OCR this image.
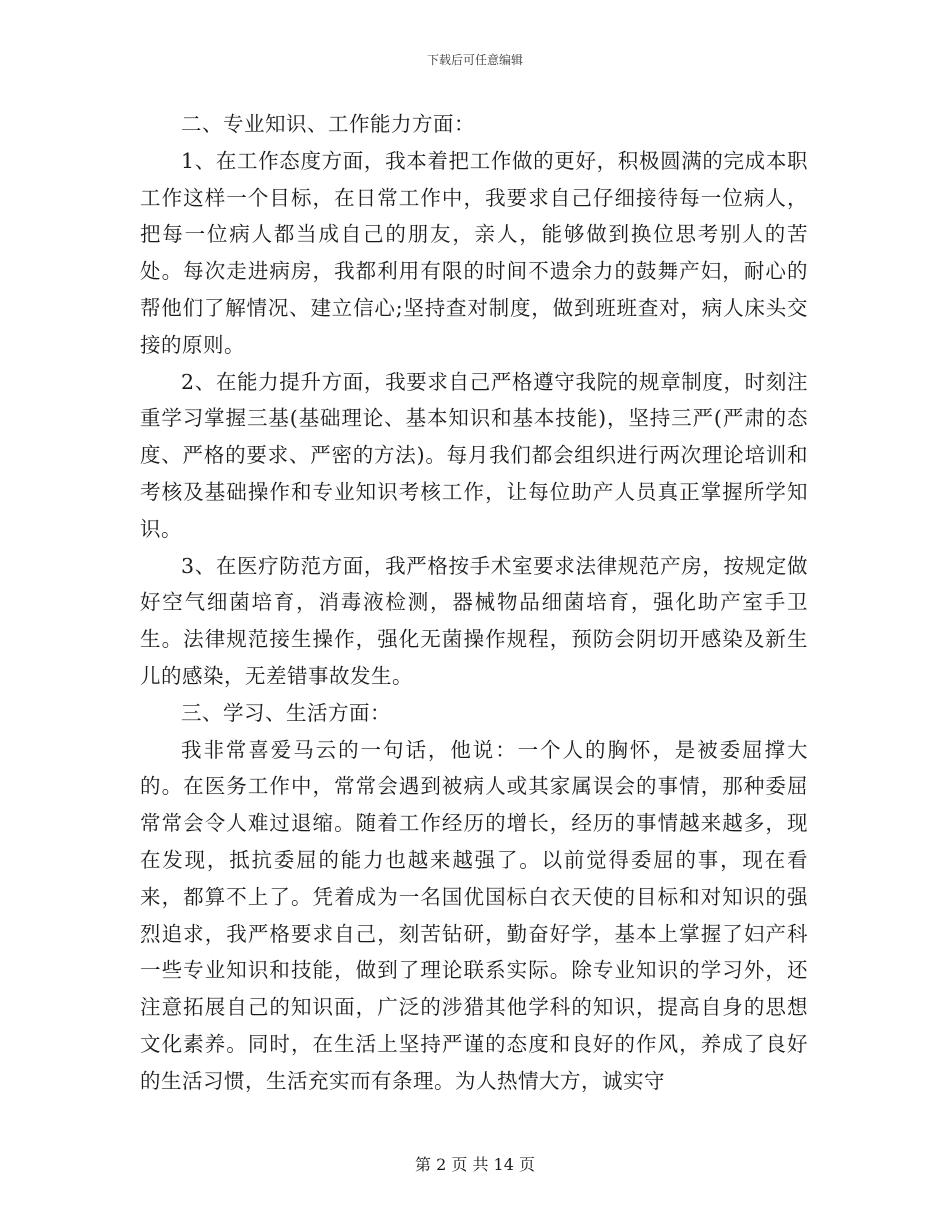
下载后可任意编辑

二、专业知识、工作能力方面：

1、在工作态度方面，我本着把工作做的更好，积极圆满的完成本职工作这样一个目标，在日常工作中，我要求自己仔细接待每一位病人，把每一位病人都当成自己的朋友，亲人，能够做到换位思考别人的苦处。每次走进病房，我都利用有限的时间不遗余力的鼓舞产妇，耐心的帮他们了解情况、建立信心;坚持查对制度，做到班班查对，病人床头交接的原则。

2、在能力提升方面，我要求自己严格遵守我院的规章制度，时刻注重学习掌握三基(基础理论、基本知识和基本技能)，坚持三严(严肃的态度、严格的要求、严密的方法)。每月我们都会组织进行两次理论培训和考核及基础操作和专业知识考核工作，让每位助产人员真正掌握所学知识。

3、在医疗防范方面，我严格按手术室要求法律规范产房，按规定做好空气细菌培育，消毒液检测，器械物品细菌培育，强化助产室手卫生。法律规范接生操作，强化无菌操作规程，预防会阴切开感染及新生儿的感染，无差错事故发生。

三、学习、生活方面：

我非常喜爱马云的一句话，他说：一个人的胸怀，是被委屈撑大的。在医务工作中，常常会遇到被病人或其家属误会的事情，那种委屈常常会令人难过退缩。随着工作经历的增长，经历的事情越来越多，现在发现，抵抗委屈的能力也越来越强了。以前觉得委屈的事，现在看来，都算不上了。凭着成为一名国优国标白衣天使的目标和对知识的强烈追求，我严格要求自己，刻苦钻研，勤奋好学，基本上掌握了妇产科一些专业知识和技能，做到了理论联系实际。除专业知识的学习外，还注意拓展自己的知识面，广泛的涉猎其他学科的知识，提高自身的思想文化素养。同时，在生活上坚持严谨的态度和良好的作风，养成了良好的生活习惯，生活充实而有条理。为人热情大方，诚实守

第 2 页 共 14 页
